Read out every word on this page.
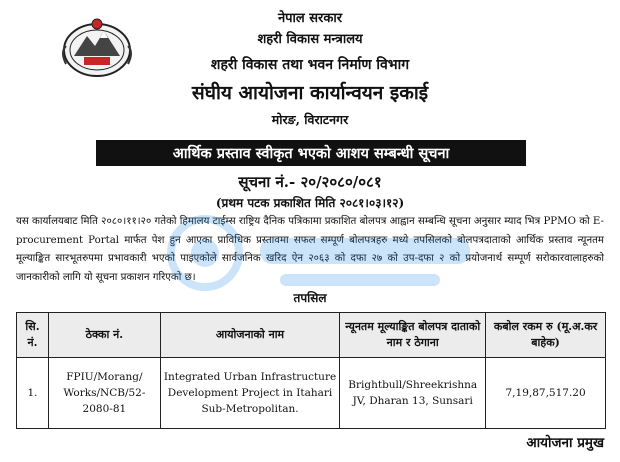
नेपाल सरकार
शहरी विकास मन्त्रालय
शहरी विकास तथा भवन निर्माण विभाग
संघीय आयोजना कार्यान्वयन इकाई
मोरङ, विराटनगर
आर्थिक प्रस्ताव स्वीकृत भएको आशय सम्बन्धी सूचना
सूचना नं.- २०/२०८०/०८१
(प्रथम पटक प्रकाशित मिति २०८१।०३।१२)
यस कार्यालयबाट मिति २०८०।११।२० गतेको हिमालय टाईम्स राष्ट्रिय दैनिक पत्रिकामा प्रकाशित बोलपत्र आह्वान सम्बन्धि सूचना अनुसार म्याद भित्र PPMO को E-procurement Portal मार्फत पेश हुन आएका प्राविधिक प्रस्तावमा सफल सम्पूर्ण बोलपत्रहरु मध्ये तपसिलको बोलपत्रदाताको आर्थिक प्रस्ताव न्यूनतम मूल्याङ्कित सारभूतरुपमा प्रभावकारी भएको पाइएकोले सार्वजनिक खरिद ऐन २०६३ को दफा २७ को उप-दफा २ को प्रयोजनार्थ सम्पूर्ण सरोकारवालाहरुको जानकारीको लागि यो सूचना प्रकाशन गरिएको छ।
तपसिल
सि. नं.	ठेक्का नं.	आयोजनाको नाम	न्यूनतम मूल्याङ्कित बोलपत्र दाताको नाम र ठेगाना	कबोल रकम रु (मू.अ.कर बाहेक)
1.	FPIU/Morang/ Works/NCB/52- 2080-81	Integrated Urban Infrastructure Development Project in Itahari Sub-Metropolitan.	Brightbull/Shreekrishna JV, Dharan 13, Sunsari	7,19,87,517.20
आयोजना प्रमुख
